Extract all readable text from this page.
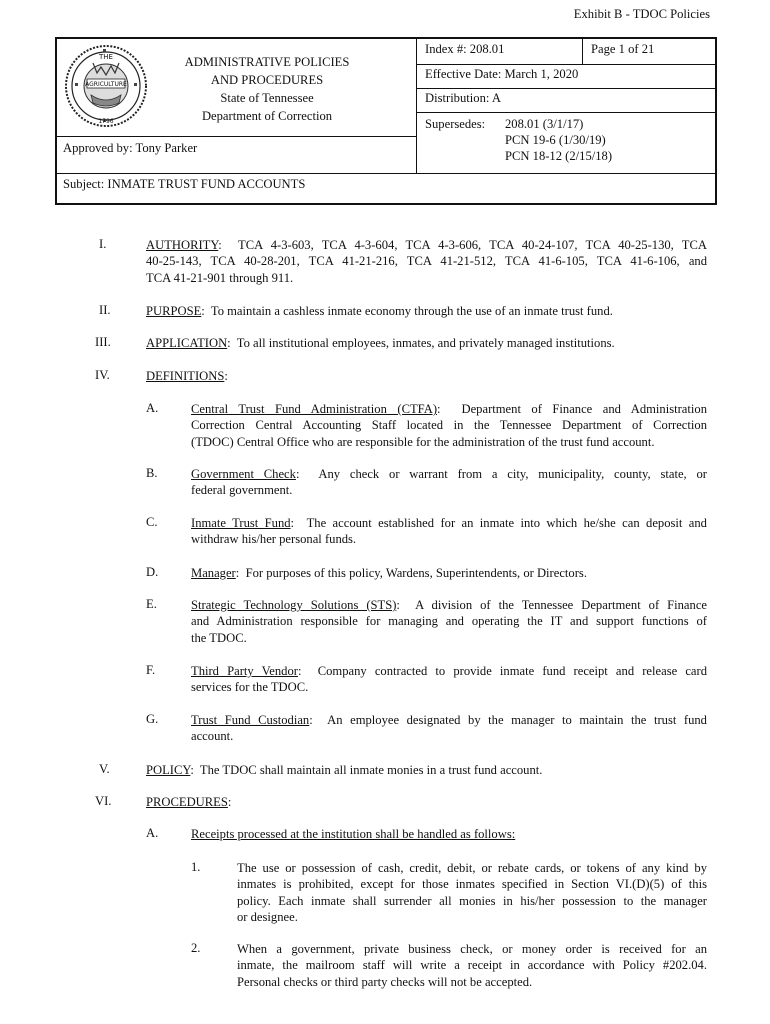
Exhibit B - TDOC Policies
THE
AGRICULTURE
1796
ADMINISTRATIVE POLICIES
AND PROCEDURES
State of Tennessee
Department of Correction
Index #: 208.01	Page 1 of 21
Effective Date: March 1, 2020
Distribution: A
Supersedes: 208.01 (3/1/17)
PCN 19-6 (1/30/19)
PCN 18-12 (2/15/18)
Approved by: Tony Parker
Subject: INMATE TRUST FUND ACCOUNTS
I.	AUTHORITY:  TCA 4-3-603, TCA 4-3-604, TCA 4-3-606, TCA 40-24-107, TCA 40-25-130, TCA
40-25-143, TCA 40-28-201, TCA 41-21-216, TCA 41-21-512, TCA 41-6-105, TCA 41-6-106, and
TCA 41-21-901 through 911.
II.	PURPOSE:  To maintain a cashless inmate economy through the use of an inmate trust fund.
III.	APPLICATION:  To all institutional employees, inmates, and privately managed institutions.
IV.	DEFINITIONS:
A.	Central Trust Fund Administration (CTFA):  Department of Finance and Administration
Correction Central Accounting Staff located in the Tennessee Department of Correction
(TDOC) Central Office who are responsible for the administration of the trust fund account.
B.	Government Check:  Any check or warrant from a city, municipality, county, state, or
federal government.
C.	Inmate Trust Fund:  The account established for an inmate into which he/she can deposit and
withdraw his/her personal funds.
D.	Manager:  For purposes of this policy, Wardens, Superintendents, or Directors.
E.	Strategic Technology Solutions (STS):  A division of the Tennessee Department of Finance
and Administration responsible for managing and operating the IT and support functions of
the TDOC.
F.	Third Party Vendor:  Company contracted to provide inmate fund receipt and release card
services for the TDOC.
G.	Trust Fund Custodian:  An employee designated by the manager to maintain the trust fund
account.
V.	POLICY:  The TDOC shall maintain all inmate monies in a trust fund account.
VI.	PROCEDURES:
A.	Receipts processed at the institution shall be handled as follows:
1.	The use or possession of cash, credit, debit, or rebate cards, or tokens of any kind by
inmates is prohibited, except for those inmates specified in Section VI.(D)(5) of this
policy. Each inmate shall surrender all monies in his/her possession to the manager
or designee.
2.	When a government, private business check, or money order is received for an
inmate, the mailroom staff will write a receipt in accordance with Policy #202.04.
Personal checks or third party checks will not be accepted.
